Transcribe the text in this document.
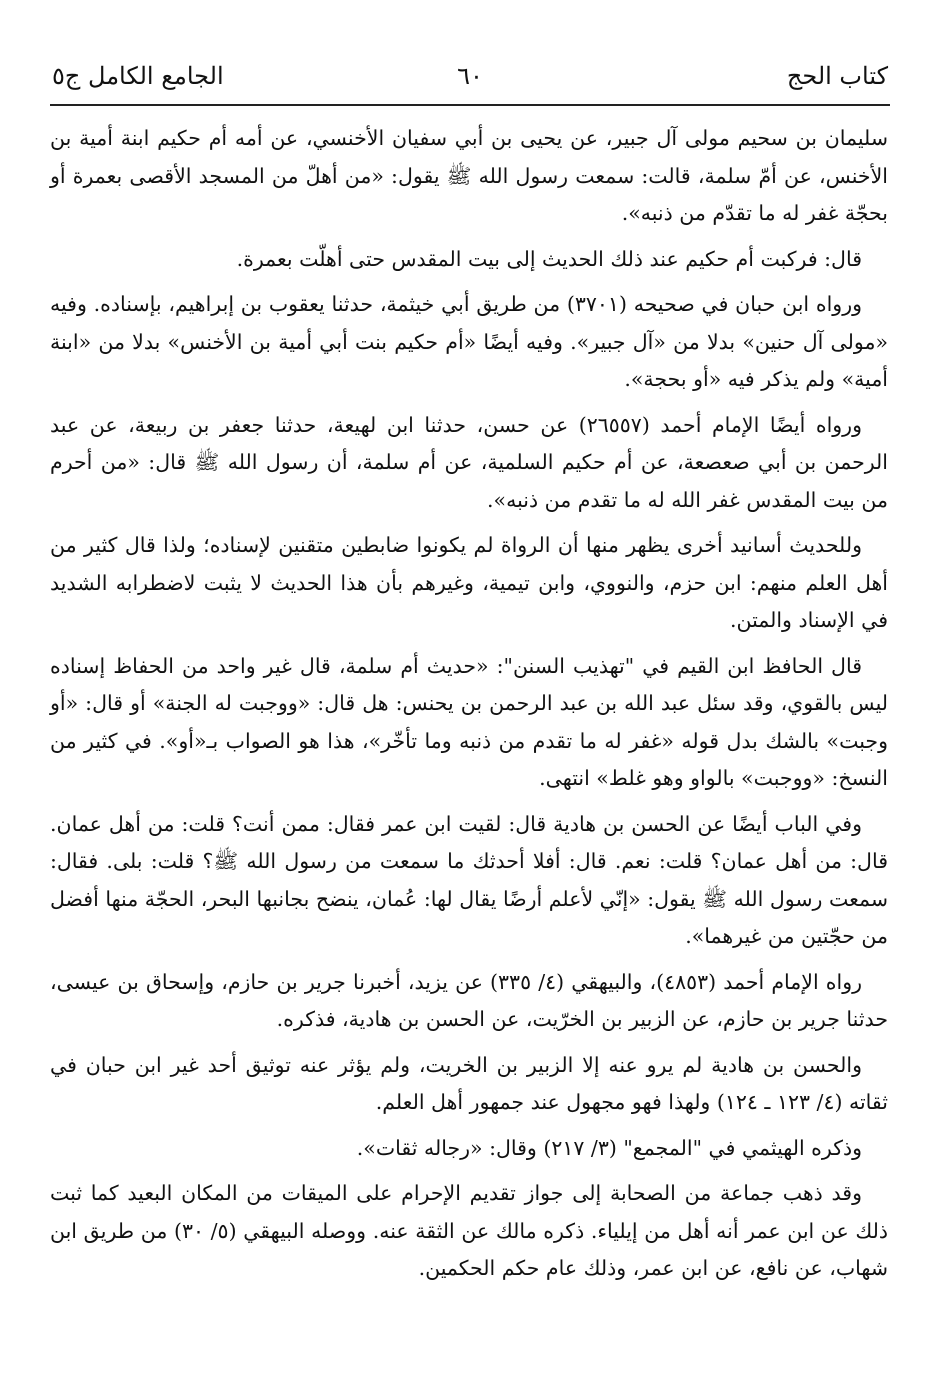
كتاب الحج
٦٠
الجامع الكامل ج٥

سليمان بن سحيم مولى آل جبير، عن يحيى بن أبي سفيان الأخنسي، عن أمه أم حكيم ابنة أمية بن الأخنس، عن أمّ سلمة، قالت: سمعت رسول الله ﷺ يقول: «من أهلّ من المسجد الأقصى بعمرة أو بحجّة غفر له ما تقدّم من ذنبه».

قال: فركبت أم حكيم عند ذلك الحديث إلى بيت المقدس حتى أهلّت بعمرة.

ورواه ابن حبان في صحيحه (٣٧٠١) من طريق أبي خيثمة، حدثنا يعقوب بن إبراهيم، بإسناده. وفيه «مولى آل حنين» بدلا من «آل جبير». وفيه أيضًا «أم حكيم بنت أبي أمية بن الأخنس» بدلا من «ابنة أمية» ولم يذكر فيه «أو بحجة».

ورواه أيضًا الإمام أحمد (٢٦٥٥٧) عن حسن، حدثنا ابن لهيعة، حدثنا جعفر بن ربيعة، عن عبد الرحمن بن أبي صعصعة، عن أم حكيم السلمية، عن أم سلمة، أن رسول الله ﷺ قال: «من أحرم من بيت المقدس غفر الله له ما تقدم من ذنبه».

وللحديث أسانيد أخرى يظهر منها أن الرواة لم يكونوا ضابطين متقنين لإسناده؛ ولذا قال كثير من أهل العلم منهم: ابن حزم، والنووي، وابن تيمية، وغيرهم بأن هذا الحديث لا يثبت لاضطرابه الشديد في الإسناد والمتن.

قال الحافظ ابن القيم في "تهذيب السنن": «حديث أم سلمة، قال غير واحد من الحفاظ إسناده ليس بالقوي، وقد سئل عبد الله بن عبد الرحمن بن يحنس: هل قال: «ووجبت له الجنة» أو قال: «أو وجبت» بالشك بدل قوله «غفر له ما تقدم من ذنبه وما تأخّر»، هذا هو الصواب بـ«أو». في كثير من النسخ: «ووجبت» بالواو وهو غلط» انتهى.

وفي الباب أيضًا عن الحسن بن هادية قال: لقيت ابن عمر فقال: ممن أنت؟ قلت: من أهل عمان. قال: من أهل عمان؟ قلت: نعم. قال: أفلا أحدثك ما سمعت من رسول الله ﷺ؟ قلت: بلى. فقال: سمعت رسول الله ﷺ يقول: «إنّي لأعلم أرضًا يقال لها: عُمان، ينضح بجانبها البحر، الحجّة منها أفضل من حجّتين من غيرهما».

رواه الإمام أحمد (٤٨٥٣)، والبيهقي (٤/ ٣٣٥) عن يزيد، أخبرنا جرير بن حازم، وإسحاق بن عيسى، حدثنا جرير بن حازم، عن الزبير بن الخرّيت، عن الحسن بن هادية، فذكره.

والحسن بن هادية لم يرو عنه إلا الزبير بن الخريت، ولم يؤثر عنه توثيق أحد غير ابن حبان في ثقاته (٤/ ١٢٣ ـ ١٢٤) ولهذا فهو مجهول عند جمهور أهل العلم.

وذكره الهيثمي في "المجمع" (٣/ ٢١٧) وقال: «رجاله ثقات».

وقد ذهب جماعة من الصحابة إلى جواز تقديم الإحرام على الميقات من المكان البعيد كما ثبت ذلك عن ابن عمر أنه أهل من إيلياء. ذكره مالك عن الثقة عنه. ووصله البيهقي (٥/ ٣٠) من طريق ابن شهاب، عن نافع، عن ابن عمر، وذلك عام حكم الحكمين.
